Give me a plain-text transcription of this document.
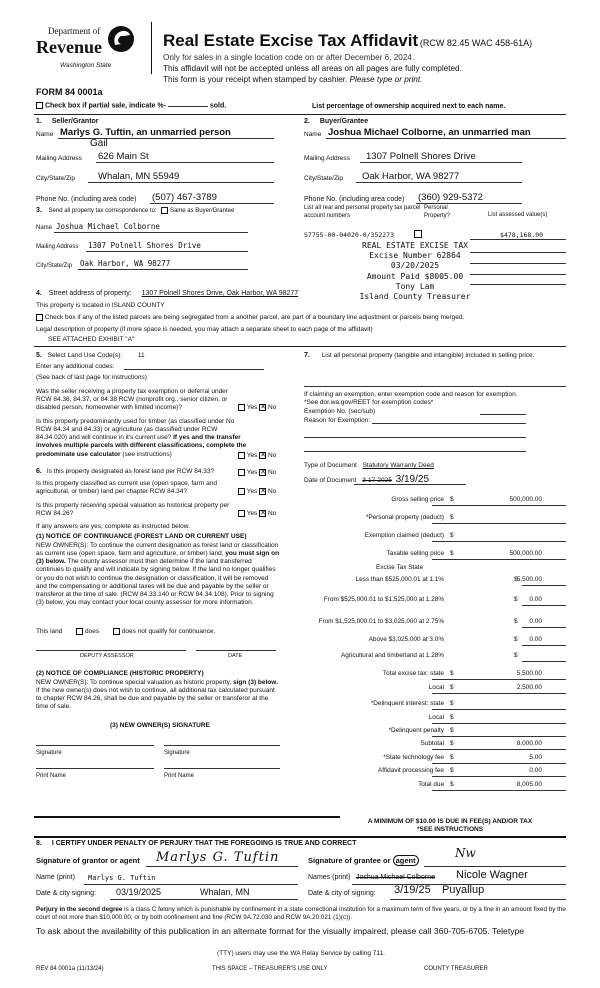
Department of
Revenue
Washington State
Real Estate Excise Tax Affidavit (RCW 82.45 WAC 458-61A)
Only for sales in a single location code on or after December 6, 2024.
This affidavit will not be accepted unless all areas on all pages are fully completed.
This form is your receipt when stamped by cashier. Please type or print.
FORM 84 0001a
Check box if partial sale, indicate %-	sold.	List percentage of ownership acquired next to each name.
1. Seller/Grantor
Name Marlys G. Tuftin, an unmarried person
Gail
Mailing Address 626 Main St
City/State/Zip Whalan, MN 55949
Phone No. (including area code) (507) 467-3789
2. Buyer/Grantee
Name Joshua Michael Colborne, an unmarried man
Mailing Address 1307 Polnell Shores Drive
City/State/Zip Oak Harbor, WA 98277
Phone No. (including area code) (360) 929-5372
3. Send all property tax correspondence to: Same as Buyer/Grantee
Name Joshua Michael Colborne
Mailing Address 1307 Polnell Shores Drive
City/State/Zip Oak Harbor, WA 98277
List all real and personal property tax parcel account numbers
Personal Property?	List assessed value(s)
S7755-00-04020-0/352273	$478,168.00
REAL ESTATE EXCISE TAX
Excise Number 62864
03/20/2025
Amount Paid $8005.00
Tony Lam
Island County Treasurer
4. Street address of property: 1307 Polnell Shores Drive, Oak Harbor, WA 98277
This property is located in ISLAND COUNTY
Check box if any of the listed parcels are being segregated from a another parcel, are part of a boundary line adjustment or parcels being merged.
Legal description of property (if more space is needed, you may attach a separate sheet to each page of the affidavit)
SEE ATTACHED EXHIBIT "A"
5. Select Land Use Code(s): 11
Enter any additional codes:
(See back of last page for instructions)
Was the seller receiving a property tax exemption or deferral under RCW 84.36, 84.37, or 84.38 RCW (nonprofit org., senior citizen, or disabled person, homeowner with limited income)?	Yes ✕ No
Is this property predominantly used for timber (as classified under No RCW 84.34 and 84.33) or agriculture (as classified under RCW 84.34.020) and will continue in it's current use? If yes and the transfer involves multiple parcels with different classifications, complete the predominate use calculator (see instructions)	Yes ✕ No
6. Is this property designated as forest land per RCW 84.33?	Yes ✕ No
Is this property classified as current use (open space, farm and agricultural, or timber) land per chapter RCW 84.34?	Yes ✕ No
Is this property receiving special valuation as historical property per RCW 84.26?	Yes ✕ No
If any answers are yes, complete as instructed below.
(1) NOTICE OF CONTINUANCE (FOREST LAND OR CURRENT USE)
NEW OWNER(S): To continue the current designation as forest land or classification as current use (open space, farm and agriculture, or timber) land, you must sign on (3) below. The county assessor must then determine if the land transferred continues to qualify and will indicate by signing below. If the land no longer qualifies or you do not wish to continue the designation or classification, it will be removed and the compensating or additional taxes will be due and payable by the seller or transferor at the time of sale. (RCW 84.33.140 or RCW 84.34.108). Prior to signing (3) below, you may contact your local county assessor for more information.
This land	does	does not qualify for continuance.
DEPUTY ASSESSOR	DATE
(2) NOTICE OF COMPLIANCE (HISTORIC PROPERTY)
NEW OWNER(S): To continue special valuation as historic property, sign (3) below. If the new owner(s) does not wish to continue, all additional tax calculated pursuant to chapter RCW 84.26, shall be due and payable by the seller or transferor at the time of sale.
(3) NEW OWNER(S) SIGNATURE
Signature	Signature
Print Name	Print Name
7. List all personal property (tangible and intangible) included in selling price.
If claiming an exemption, enter exemption code and reason for exemption.
*See dor.wa.gov/REET for exemption codes*
Exemption No. (sec/sub)
Reason for Exemption:
Type of Document Statutory Warranty Deed
Date of Document 3-17-2025 3/19/25
A MINIMUM OF $10.00 IS DUE IN FEE(S) AND/OR TAX
*SEE INSTRUCTIONS
8. I CERTIFY UNDER PENALTY OF PERJURY THAT THE FOREGOING IS TRUE AND CORRECT
Signature of grantor or agent Marlys G. Tuftin	Signature of grantee or agent
Nw
Name (print) Marlys G. Tuftin	Names (print) Joshua Michael Colborne Nicole Wagner
Date & city signing: 03/19/2025	Whalan, MN	Date & city of signing: 3/19/25 Puyallup
Perjury in the second degree is a class C felony which is punishable by confinement in a state correctional institution for a maximum term of five years, or by a fine in an amount fixed by the court of not more than $10,000.00, or by both confinement and fine (RCW 9A.72.030 and RCW 9A.20.021 (1)(c)).
To ask about the availability of this publication in an alternate format for the visually impaired, please call 360-705-6705. Teletype
(TTY) users may use the WA Relay Service by calling 711.
REV 84 0001a (11/13/24)	THIS SPACE – TREASURER'S USE ONLY	COUNTY TREASURER
Gross selling price $	500,000.00
*Personal property (deduct) $
Exemption claimed (deduct) $
Taxable selling price $	500,000.00
Excise Tax State
Less than $525,000.01 at 1.1%	$ 5,500.00
From $525,000.01 to $1,525,000 at 1.28%	$	0.00
From $1,525,000.01 to $3,025,000 at 2.75%	$	0.00
Above $3,025,000 at 3.0%	$	0.00
Agricultural and timberland at 1.28%	$
Total excise tax: state $	5,500.00
Local $	2,500.00
*Delinquent interest: state $
Local $
*Delinquent penalty $
Subtotal $	8,000.00
*State technology fee $	5.00
Affidavit processing fee $	0.00
Total due $	8,005.00
